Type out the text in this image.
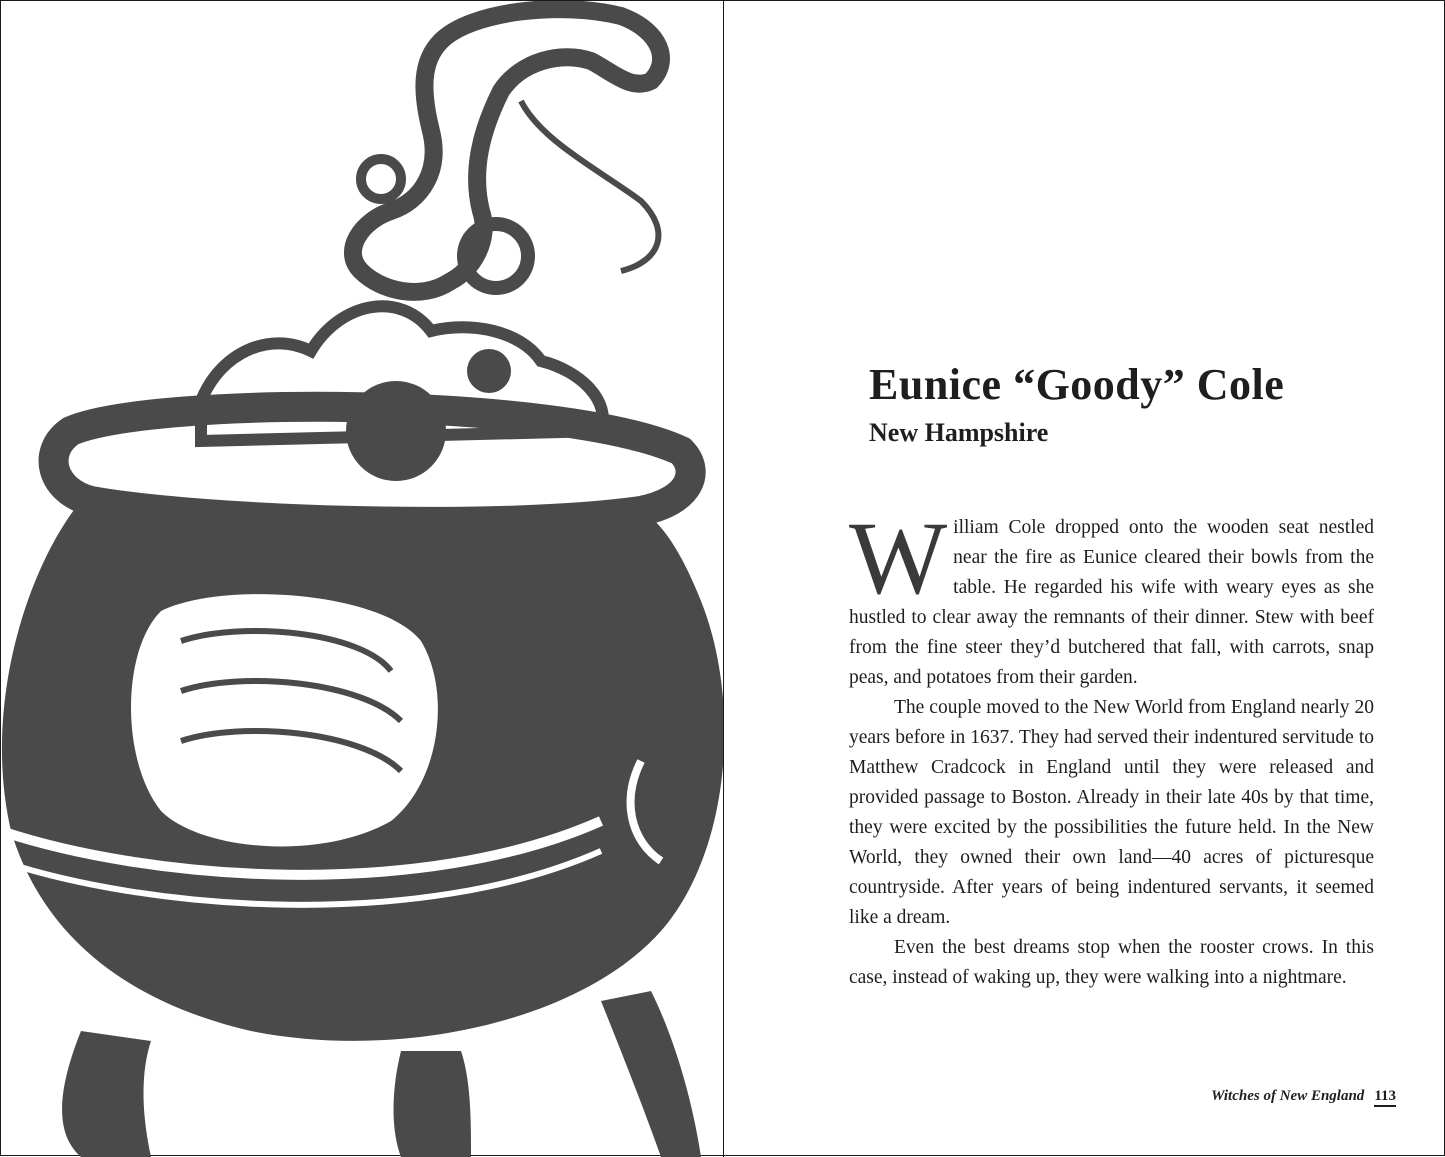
Eunice “Goody” Cole
New Hampshire

William Cole dropped onto the wooden seat nestled near the fire as Eunice cleared their bowls from the table. He regarded his wife with weary eyes as she hustled to clear away the remnants of their dinner. Stew with beef from the fine steer they’d butchered that fall, with carrots, snap peas, and potatoes from their garden.

The couple moved to the New World from England nearly 20 years before in 1637. They had served their indentured servitude to Matthew Cradcock in England until they were released and provided passage to Boston. Already in their late 40s by that time, they were excited by the possibilities the future held. In the New World, they owned their own land—40 acres of picturesque countryside. After years of being indentured servants, it seemed like a dream.

Even the best dreams stop when the rooster crows. In this case, instead of waking up, they were walking into a nightmare.

Witches of New England 113
